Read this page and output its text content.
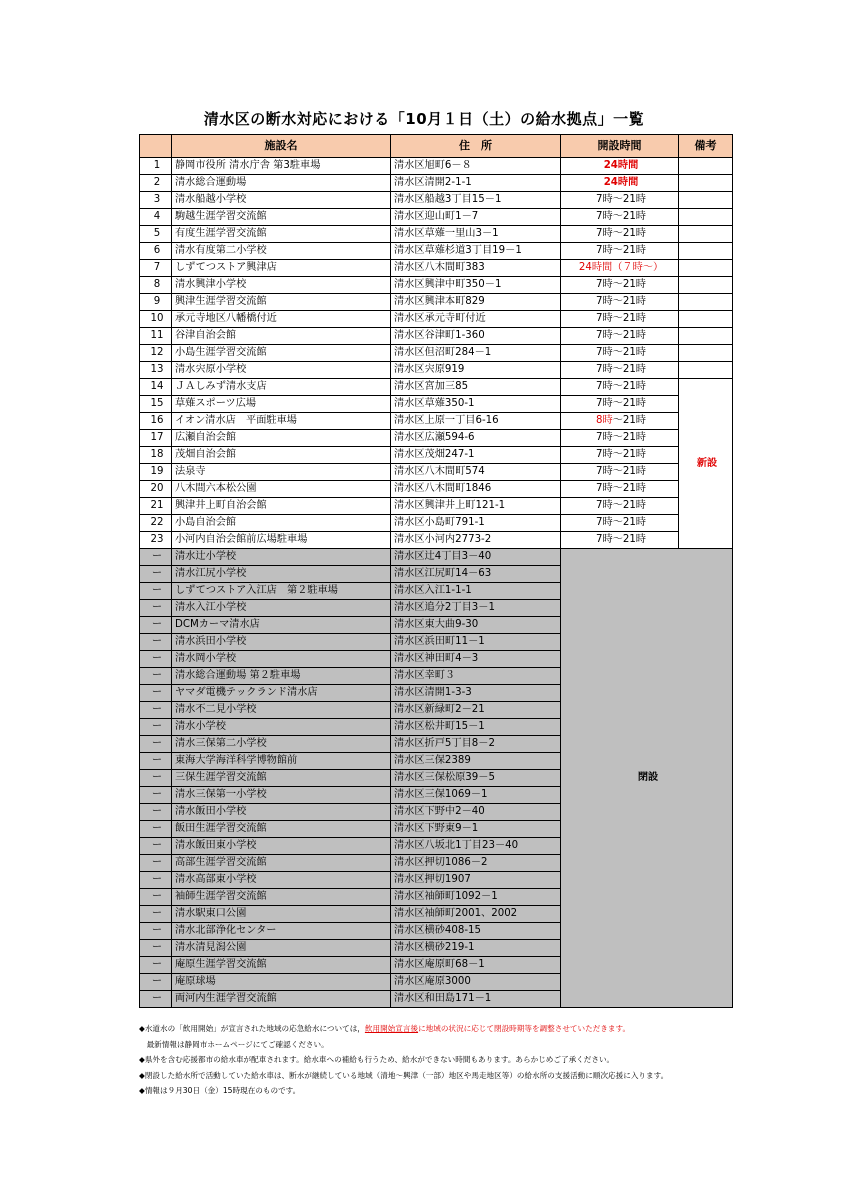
清水区の断水対応における「10月１日（土）の給水拠点」一覧
	施設名	住　所	開設時間	備考
1	静岡市役所 清水庁舎 第3駐車場	清水区旭町6－８	24時間	
2	清水総合運動場	清水区清開2-1-1	24時間	
3	清水船越小学校	清水区船越3丁目15－1	7時～21時	
4	駒越生涯学習交流館	清水区迎山町1－7	7時～21時	
5	有度生涯学習交流館	清水区草薙一里山3－1	7時～21時	
6	清水有度第二小学校	清水区草薙杉道3丁目19－1	7時～21時	
7	しずてつストア興津店	清水区八木間町383	24時間（７時～）	
8	清水興津小学校	清水区興津中町350－1	7時～21時	
9	興津生涯学習交流館	清水区興津本町829	7時～21時	
10	承元寺地区八幡橋付近	清水区承元寺町付近	7時～21時	
11	谷津自治会館	清水区谷津町1-360	7時～21時	
12	小島生涯学習交流館	清水区但沼町284－1	7時～21時	
13	清水宍原小学校	清水区宍原919	7時～21時	
14	ＪＡしみず清水支店	清水区宮加三85	7時～21時	新設
15	草薙スポーツ広場	清水区草薙350-1	7時～21時	
16	イオン清水店　平面駐車場	清水区上原一丁目6-16	8時～21時	
17	広瀬自治会館	清水区広瀬594-6	7時～21時	
18	茂畑自治会館	清水区茂畑247-1	7時～21時	
19	法泉寺	清水区八木間町574	7時～21時	
20	八木間六本松公園	清水区八木間町1846	7時～21時	
21	興津井上町自治会館	清水区興津井上町121-1	7時～21時	
22	小島自治会館	清水区小島町791-1	7時～21時	
23	小河内自治会館前広場駐車場	清水区小河内2773-2	7時～21時	
ー	清水辻小学校	清水区辻4丁目3－40	閉設	
ー	清水江尻小学校	清水区江尻町14－63		
ー	しずてつストア入江店　第２駐車場	清水区入江1-1-1		
ー	清水入江小学校	清水区追分2丁目3－1		
ー	DCMカーマ清水店	清水区東大曲9-30		
ー	清水浜田小学校	清水区浜田町11－1		
ー	清水岡小学校	清水区神田町4－3		
ー	清水総合運動場 第２駐車場	清水区幸町３		
ー	ヤマダ電機テックランド清水店	清水区清開1-3-3		
ー	清水不二見小学校	清水区新緑町2－21		
ー	清水小学校	清水区松井町15－1		
ー	清水三保第二小学校	清水区折戸5丁目8－2		
ー	東海大学海洋科学博物館前	清水区三保2389		
ー	三保生涯学習交流館	清水区三保松原39－5		
ー	清水三保第一小学校	清水区三保1069－1		
ー	清水飯田小学校	清水区下野中2－40		
ー	飯田生涯学習交流館	清水区下野東9－1		
ー	清水飯田東小学校	清水区八坂北1丁目23－40		
ー	高部生涯学習交流館	清水区押切1086－2		
ー	清水高部東小学校	清水区押切1907		
ー	袖師生涯学習交流館	清水区袖師町1092－1		
ー	清水駅東口公園	清水区袖師町2001、2002		
ー	清水北部浄化センター	清水区横砂408-15		
ー	清水清見潟公園	清水区横砂219-1		
ー	庵原生涯学習交流館	清水区庵原町68－1		
ー	庵原球場	清水区庵原3000		
ー	両河内生涯学習交流館	清水区和田島171－1		

◆水道水の「飲用開始」が宣言された地域の応急給水については，飲用開始宣言後に地域の状況に応じて閉設時期等を調整させていただきます。

　最新情報は静岡市ホームページにてご確認ください。

◆県外を含む応援都市の給水車が配車されます。給水車への補給も行うため、給水ができない時間もあります。あらかじめご了承ください。

◆閉設した給水所で活動していた給水車は、断水が継続している地域（清地～興津（一部）地区や馬走地区等）の給水所の支援活動に順次応援に入ります。

◆情報は９月30日（金）15時現在のものです。
